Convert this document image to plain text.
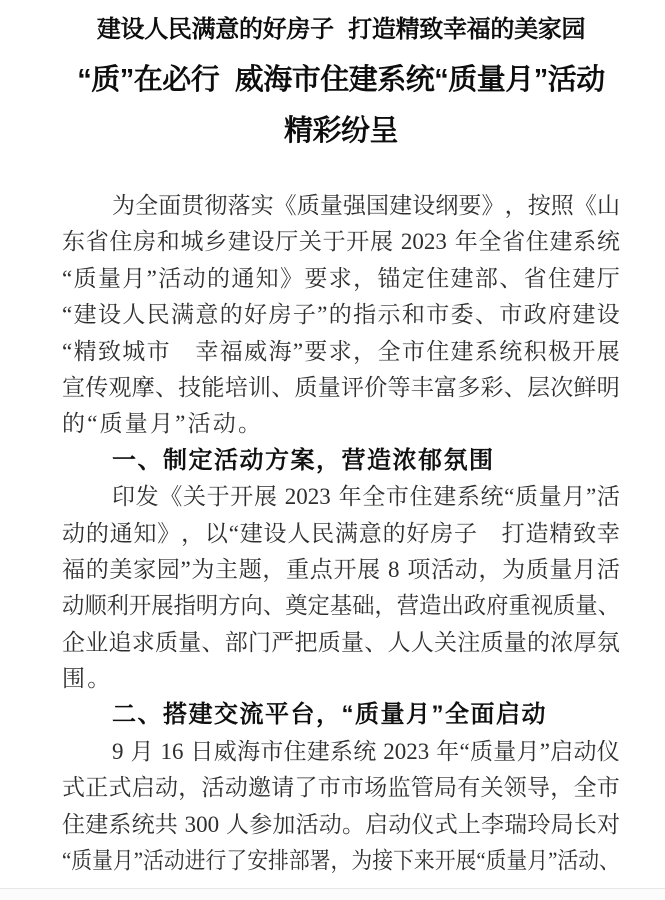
建设人民满意的好房子 打造精致幸福的美家园
“质”在必行 威海市住建系统“质量月”活动
精彩纷呈
为 全 面 贯 彻 落 实 《 质 量 强 国 建 设 纲 要 》 ， 按 照 《 山
东 省 住 房 和 城 乡 建 设 厅 关 于 开 展 2023 年 全 省 住 建 系 统
“ 质 量 月 ” 活 动 的 通 知 》 要 求 ， 锚 定 住 建 部 、 省 住 建 厅
“ 建 设 人 民 满 意 的 好 房 子 ” 的 指 示 和 市 委 、 市 政 府 建 设
“ 精 致 城 市 幸 福 威 海 ” 要 求 ， 全 市 住 建 系 统 积 极 开 展
宣 传 观 摩 、 技 能 培 训 、 质 量 评 价 等 丰 富 多 彩 、 层 次 鲜 明
的 “ 质 量 月 ” 活 动 。
一 、 制 定 活 动 方 案 ， 营 造 浓 郁 氛 围
印 发 《 关 于 开 展 2023 年 全 市 住 建 系 统 “ 质 量 月 ” 活
动 的 通 知 》 ， 以 “ 建 设 人 民 满 意 的 好 房 子 打 造 精 致 幸
福 的 美 家 园 ” 为 主 题 ， 重 点 开 展 8 项 活 动 ， 为 质 量 月 活
动 顺 利 开 展 指 明 方 向 、 奠 定 基 础 ， 营 造 出 政 府 重 视 质 量 、
企 业 追 求 质 量 、 部 门 严 把 质 量 、 人 人 关 注 质 量 的 浓 厚 氛
围 。
二 、 搭 建 交 流 平 台 ， “ 质 量 月 ” 全 面 启 动
9 月 16 日 威 海 市 住 建 系 统 2023 年 “ 质 量 月 ” 启 动 仪
式 正 式 启 动 ， 活 动 邀 请 了 市 市 场 监 管 局 有 关 领 导 ， 全 市
住 建 系 统 共 300 人 参 加 活 动 。 启 动 仪 式 上 李 瑞 玲 局 长 对
“ 质 量 月 ” 活 动 进 行 了 安 排 部 署 ， 为 接 下 来 开 展 “ 质 量 月 ” 活 动 、
